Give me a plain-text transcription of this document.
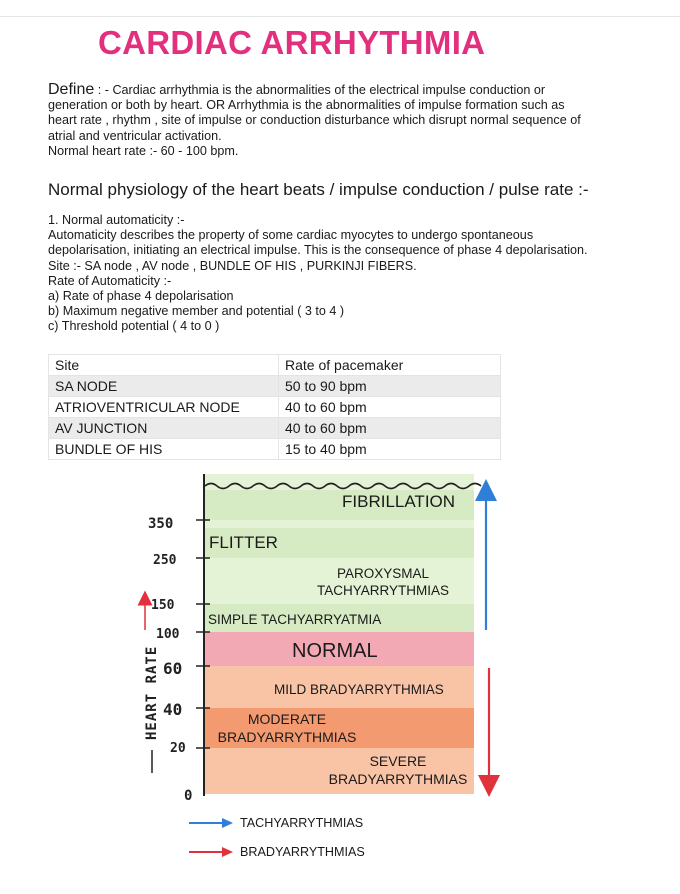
CARDIAC ARRHYTHMIA
Define : - Cardiac arrhythmia is the abnormalities of the electrical impulse conduction or
generation or both by heart. OR Arrhythmia is the abnormalities of impulse formation such as
heart rate , rhythm , site of impulse or conduction disturbance which disrupt normal sequence of
atrial and ventricular activation.
Normal heart rate :- 60 - 100 bpm.
Normal physiology of the heart beats / impulse conduction / pulse rate :-
1. Normal automaticity :-
Automaticity describes the property of some cardiac myocytes to undergo spontaneous
depolarisation, initiating an electrical impulse. This is the consequence of phase 4 depolarisation.
Site :- SA node , AV node , BUNDLE OF HIS , PURKINJI FIBERS.
Rate of Automaticity :-
a) Rate of phase 4 depolarisation
b) Maximum negative member and potential ( 3 to 4 )
c) Threshold potential ( 4 to 0 )
Site	Rate of pacemaker
SA NODE	50 to 90 bpm
ATRIOVENTRICULAR NODE	40 to 60 bpm
AV JUNCTION	40 to 60 bpm
BUNDLE OF HIS	15 to 40 bpm
350
250
150
100
60
40
20
0
HEART RATE
FIBRILLATION
FLITTER
PAROXYSMAL
TACHYARRYTHMIAS
SIMPLE TACHYARRYATMIA
NORMAL
MILD BRADYARRYTHMIAS
MODERATE
BRADYARRYTHMIAS
SEVERE
BRADYARRYTHMIAS
TACHYARRYTHMIAS
BRADYARRYTHMIAS
